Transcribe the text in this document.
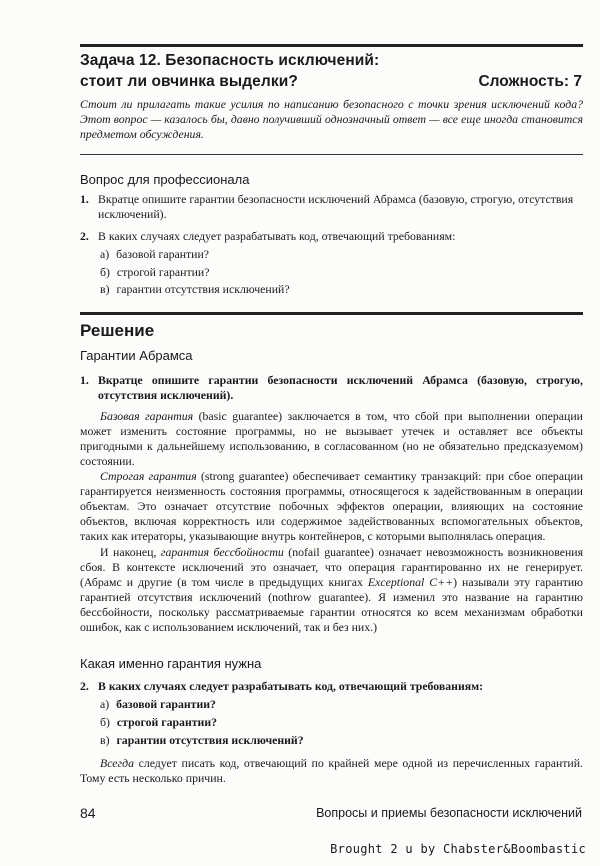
Задача 12. Безопасность исключений:
стоит ли овчинка выделки?	Сложность: 7
Стоит ли прилагать такие усилия по написанию безопасного с точки зрения исключений кода? Этот вопрос — казалось бы, давно получивший однозначный ответ — все еще иногда становится предметом обсуждения.
Вопрос для профессионала
1. Вкратце опишите гарантии безопасности исключений Абрамса (базовую, строгую, отсутствия исключений).
2. В каких случаях следует разрабатывать код, отвечающий требованиям:
а) базовой гарантии?
б) строгой гарантии?
в) гарантии отсутствия исключений?
Решение
Гарантии Абрамса
1. Вкратце опишите гарантии безопасности исключений Абрамса (базовую, строгую, отсутствия исключений).
Базовая гарантия (basic guarantee) заключается в том, что сбой при выполнении операции может изменить состояние программы, но не вызывает утечек и оставляет все объекты пригодными к дальнейшему использованию, в согласованном (но не обязательно предсказуемом) состоянии.
Строгая гарантия (strong guarantee) обеспечивает семантику транзакций: при сбое операции гарантируется неизменность состояния программы, относящегося к задействованным в операции объектам. Это означает отсутствие побочных эффектов операции, влияющих на состояние объектов, включая корректность или содержимое задействованных вспомогательных объектов, таких как итераторы, указывающие внутрь контейнеров, с которыми выполнялась операция.
И наконец, гарантия бессбойности (nofail guarantee) означает невозможность возникновения сбоя. В контексте исключений это означает, что операция гарантированно их не генерирует. (Абрамс и другие (в том числе в предыдущих книгах Exceptional C++) называли эту гарантию гарантией отсутствия исключений (nothrow guarantee). Я изменил это название на гарантию бессбойности, поскольку рассматриваемые гарантии относятся ко всем механизмам обработки ошибок, как с использованием исключений, так и без них.)
Какая именно гарантия нужна
2. В каких случаях следует разрабатывать код, отвечающий требованиям:
а) базовой гарантии?
б) строгой гарантии?
в) гарантии отсутствия исключений?
Всегда следует писать код, отвечающий по крайней мере одной из перечисленных гарантий. Тому есть несколько причин.
84	Вопросы и приемы безопасности исключений
Brought 2 u by Chabster&Boombastic
